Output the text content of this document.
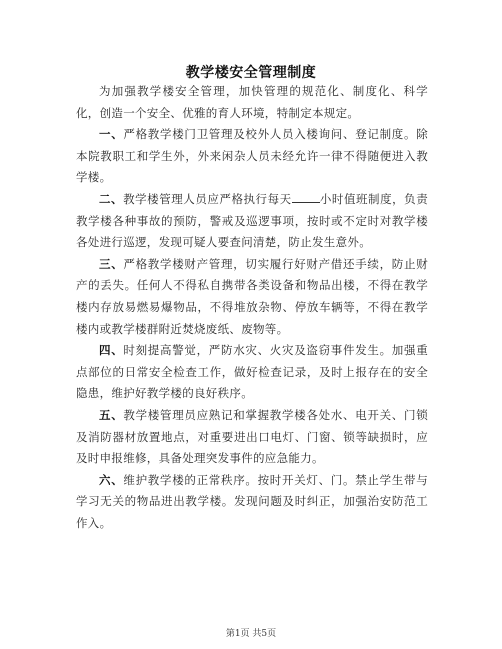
教学楼安全管理制度

为加强教学楼安全管理，加快管理的规范化、制度化、科学化，创造一个安全、优雅的育人环境，特制定本规定。

一、严格教学楼门卫管理及校外人员入楼询问、登记制度。除本院教职工和学生外，外来闲杂人员未经允许一律不得随便进入教学楼。

二、教学楼管理人员应严格执行每天 小时值班制度，负责教学楼各种事故的预防，警戒及巡逻事项，按时或不定时对教学楼各处进行巡逻，发现可疑人要查问清楚，防止发生意外。

三、严格教学楼财产管理，切实履行好财产借还手续，防止财产的丢失。任何人不得私自携带各类设备和物品出楼，不得在教学楼内存放易燃易爆物品，不得堆放杂物、停放车辆等，不得在教学楼内或教学楼群附近焚烧废纸、废物等。

四、时刻提高警觉，严防水灾、火灾及盗窃事件发生。加强重点部位的日常安全检查工作，做好检查记录，及时上报存在的安全隐患，维护好教学楼的良好秩序。

五、教学楼管理员应熟记和掌握教学楼各处水、电开关、门锁及消防器材放置地点，对重要进出口电灯、门窗、锁等缺损时，应及时申报维修，具备处理突发事件的应急能力。

六、维护教学楼的正常秩序。按时开关灯、门。禁止学生带与学习无关的物品进出教学楼。发现问题及时纠正，加强治安防范工作入。

第1页 共5页
